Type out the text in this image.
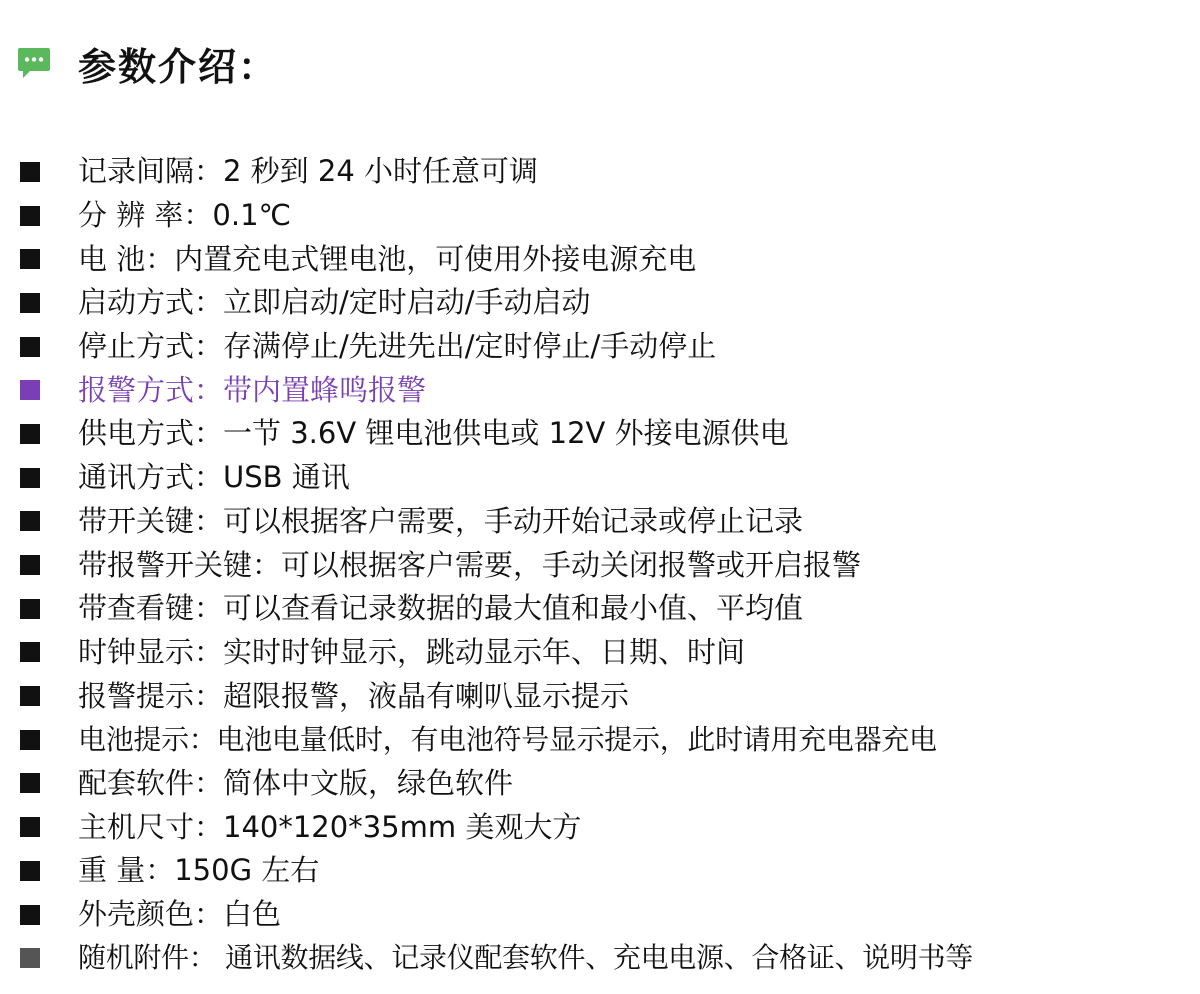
参数介绍：
记录间隔：2 秒到 24 小时任意可调
分 辨 率：0.1℃
电 池：内置充电式锂电池，可使用外接电源充电
启动方式：立即启动/定时启动/手动启动
停止方式：存满停止/先进先出/定时停止/手动停止
报警方式：带内置蜂鸣报警
供电方式：一节 3.6V 锂电池供电或 12V 外接电源供电
通讯方式：USB 通讯
带开关键：可以根据客户需要，手动开始记录或停止记录
带报警开关键：可以根据客户需要，手动关闭报警或开启报警
带查看键：可以查看记录数据的最大值和最小值、平均值
时钟显示：实时时钟显示，跳动显示年、日期、时间
报警提示：超限报警，液晶有喇叭显示提示
电池提示：电池电量低时，有电池符号显示提示，此时请用充电器充电
配套软件：简体中文版，绿色软件
主机尺寸：140*120*35mm 美观大方
重 量：150G 左右
外壳颜色：白色
随机附件： 通讯数据线、记录仪配套软件、充电电源、合格证、说明书等
